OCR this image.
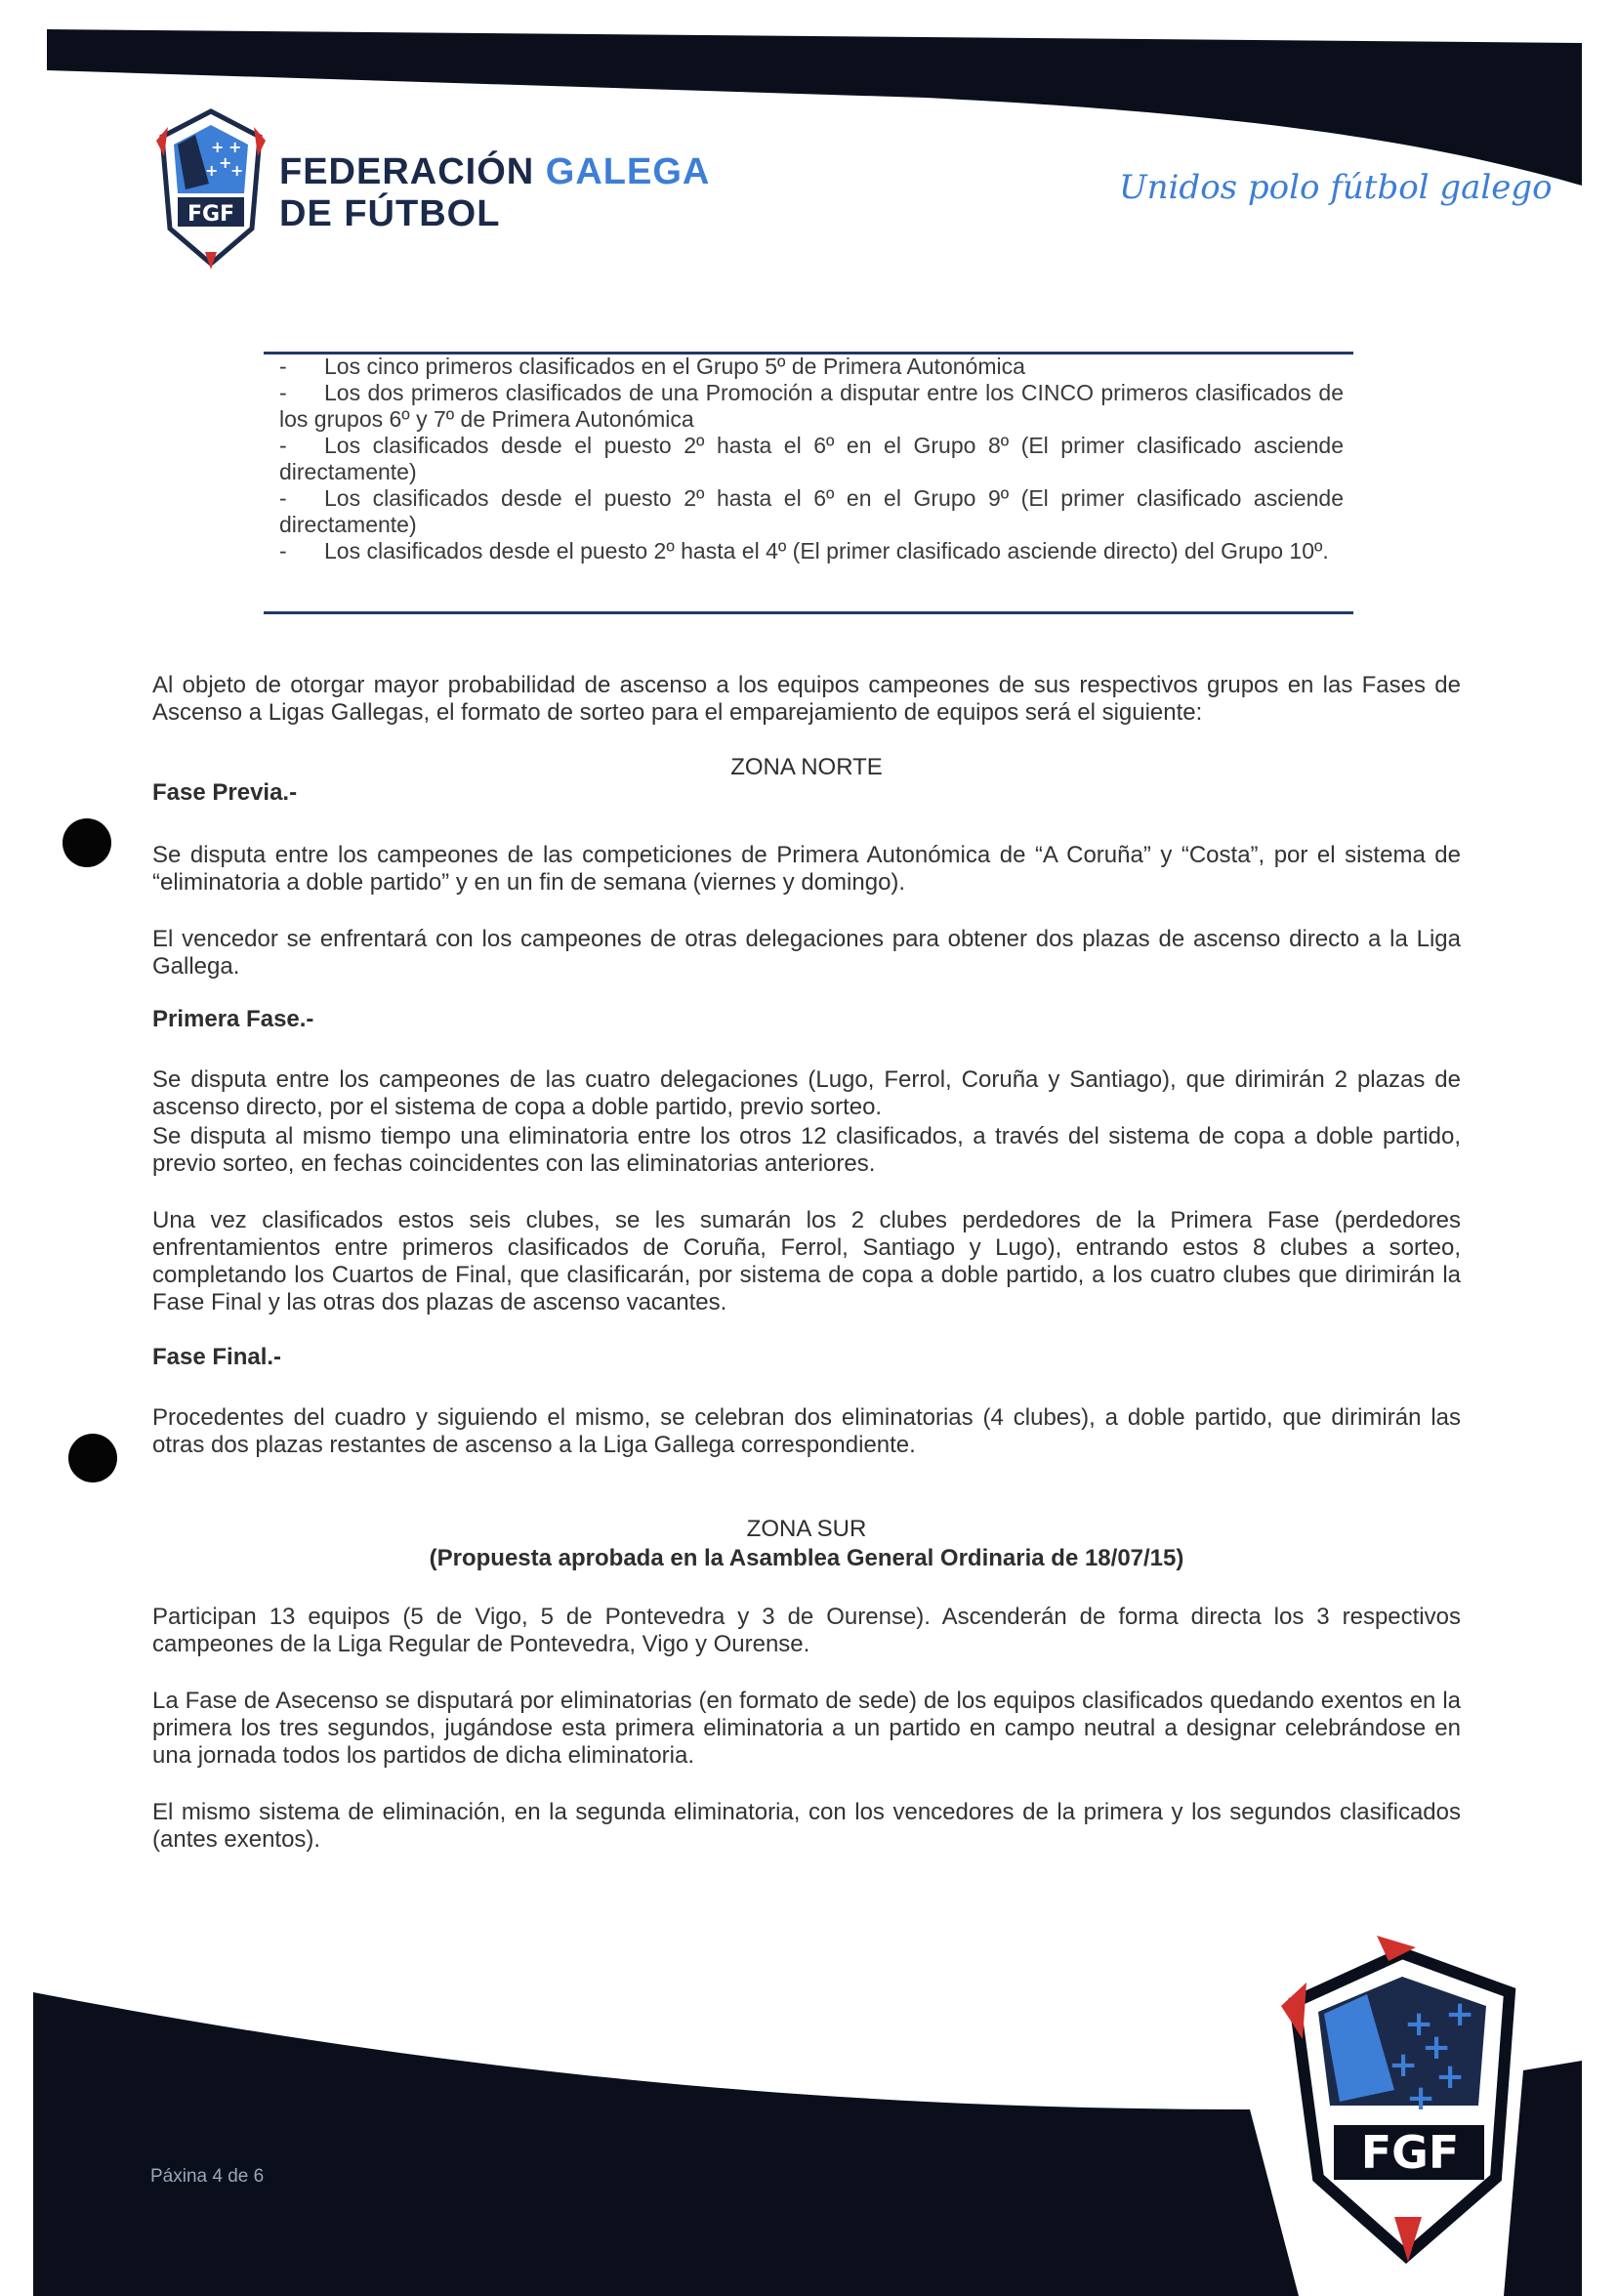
+ +
+
+ +
FGF
FEDERACIÓN GALEGA
DE FÚTBOL
Unidos polo fútbol galego
- Los cinco primeros clasificados en el Grupo 5º de Primera Autonómica
- Los dos primeros clasificados de una Promoción a disputar entre los CINCO primeros clasificados de los grupos 6º y 7º de Primera Autonómica
- Los clasificados desde el puesto 2º hasta el 6º en el Grupo 8º (El primer clasificado asciende directamente)
- Los clasificados desde el puesto 2º hasta el 6º en el Grupo 9º (El primer clasificado asciende directamente)
- Los clasificados desde el puesto 2º hasta el 4º (El primer clasificado asciende directo) del Grupo 10º.
Al objeto de otorgar mayor probabilidad de ascenso a los equipos campeones de sus respectivos grupos en las Fases de Ascenso a Ligas Gallegas, el formato de sorteo para el emparejamiento de equipos será el siguiente:
ZONA NORTE
Fase Previa.-
Se disputa entre los campeones de las competiciones de Primera Autonómica de “A Coruña” y “Costa”, por el sistema de “eliminatoria a doble partido” y en un fin de semana (viernes y domingo).
El vencedor se enfrentará con los campeones de otras delegaciones para obtener dos plazas de ascenso directo a la Liga Gallega.
Primera Fase.-
Se disputa entre los campeones de las cuatro delegaciones (Lugo, Ferrol, Coruña y Santiago), que dirimirán 2 plazas de ascenso directo, por el sistema de copa a doble partido, previo sorteo.
Se disputa al mismo tiempo una eliminatoria entre los otros 12 clasificados, a través del sistema de copa a doble partido, previo sorteo, en fechas coincidentes con las eliminatorias anteriores.
Una vez clasificados estos seis clubes, se les sumarán los 2 clubes perdedores de la Primera Fase (perdedores enfrentamientos entre primeros clasificados de Coruña, Ferrol, Santiago y Lugo), entrando estos 8 clubes a sorteo, completando los Cuartos de Final, que clasificarán, por sistema de copa a doble partido, a los cuatro clubes que dirimirán la Fase Final y las otras dos plazas de ascenso vacantes.
Fase Final.-
Procedentes del cuadro y siguiendo el mismo, se celebran dos eliminatorias (4 clubes), a doble partido, que dirimirán las otras dos plazas restantes de ascenso a la Liga Gallega correspondiente.
ZONA SUR
(Propuesta aprobada en la Asamblea General Ordinaria de 18/07/15)
Participan 13 equipos (5 de Vigo, 5 de Pontevedra y 3 de Ourense). Ascenderán de forma directa los 3 respectivos campeones de la Liga Regular de Pontevedra, Vigo y Ourense.
La Fase de Asecenso se disputará por eliminatorias (en formato de sede) de los equipos clasificados quedando exentos en la primera los tres segundos, jugándose esta primera eliminatoria a un partido en campo neutral a designar celebrándose en una jornada todos los partidos de dicha eliminatoria.
El mismo sistema de eliminación, en la segunda eliminatoria, con los vencedores de la primera y los segundos clasificados (antes exentos).
Páxina 4 de 6
+ +
+
+ +
+
FGF
